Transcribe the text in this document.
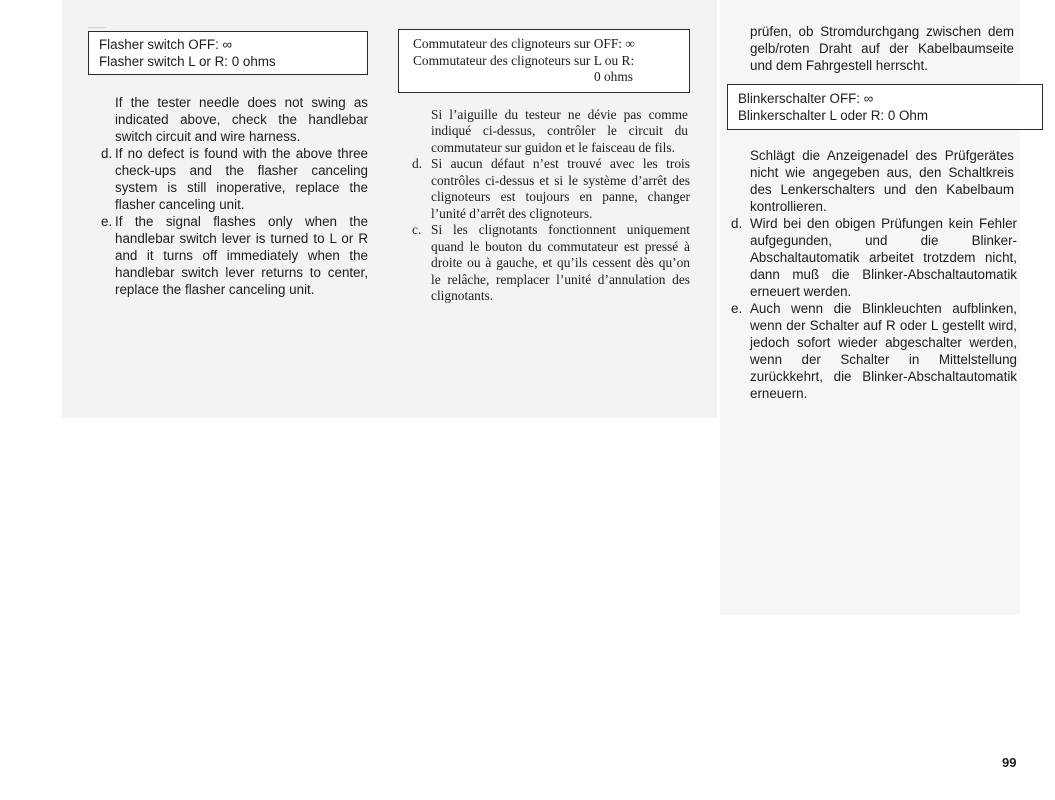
Flasher switch OFF: ∞
Flasher switch L or R: 0 ohms
If the tester needle does not swing as indicated above, check the handlebar switch circuit and wire harness.
d. If no defect is found with the above three check-ups and the flasher canceling system is still inoperative, replace the flasher canceling unit.
e. If the signal flashes only when the handlebar switch lever is turned to L or R and it turns off immediately when the handlebar switch lever returns to center, replace the flasher canceling unit.
Commutateur des clignoteurs sur OFF: ∞
Commutateur des clignoteurs sur L ou R:
0 ohms
Si l’aiguille du testeur ne dévie pas comme indiqué ci-dessus, contrôler le circuit du commutateur sur guidon et le faisceau de fils.
d. Si aucun défaut n’est trouvé avec les trois contrôles ci-dessus et si le système d’arrêt des clignoteurs est toujours en panne, changer l’unité d’arrêt des clignoteurs.
c. Si les clignotants fonctionnent uniquement quand le bouton du commutateur est pressé à droite ou à gauche, et qu’ils cessent dès qu’on le relâche, remplacer l’unité d’annulation des clignotants.
prüfen, ob Stromdurchgang zwischen dem gelb/roten Draht auf der Kabelbaumseite und dem Fahrgestell herrscht.
Blinkerschalter OFF: ∞
Blinkerschalter L oder R: 0 Ohm
Schlägt die Anzeigenadel des Prüfgerätes nicht wie angegeben aus, den Schaltkreis des Lenkerschalters und den Kabelbaum kontrollieren.
d. Wird bei den obigen Prüfungen kein Fehler aufgegunden, und die Blinker-Abschaltautomatik arbeitet trotzdem nicht, dann muß die Blinker-Abschaltautomatik erneuert werden.
e. Auch wenn die Blinkleuchten aufblinken, wenn der Schalter auf R oder L gestellt wird, jedoch sofort wieder abgeschalter werden, wenn der Schalter in Mittelstellung zurückkehrt, die Blinker-Abschaltautomatik erneuern.
99
